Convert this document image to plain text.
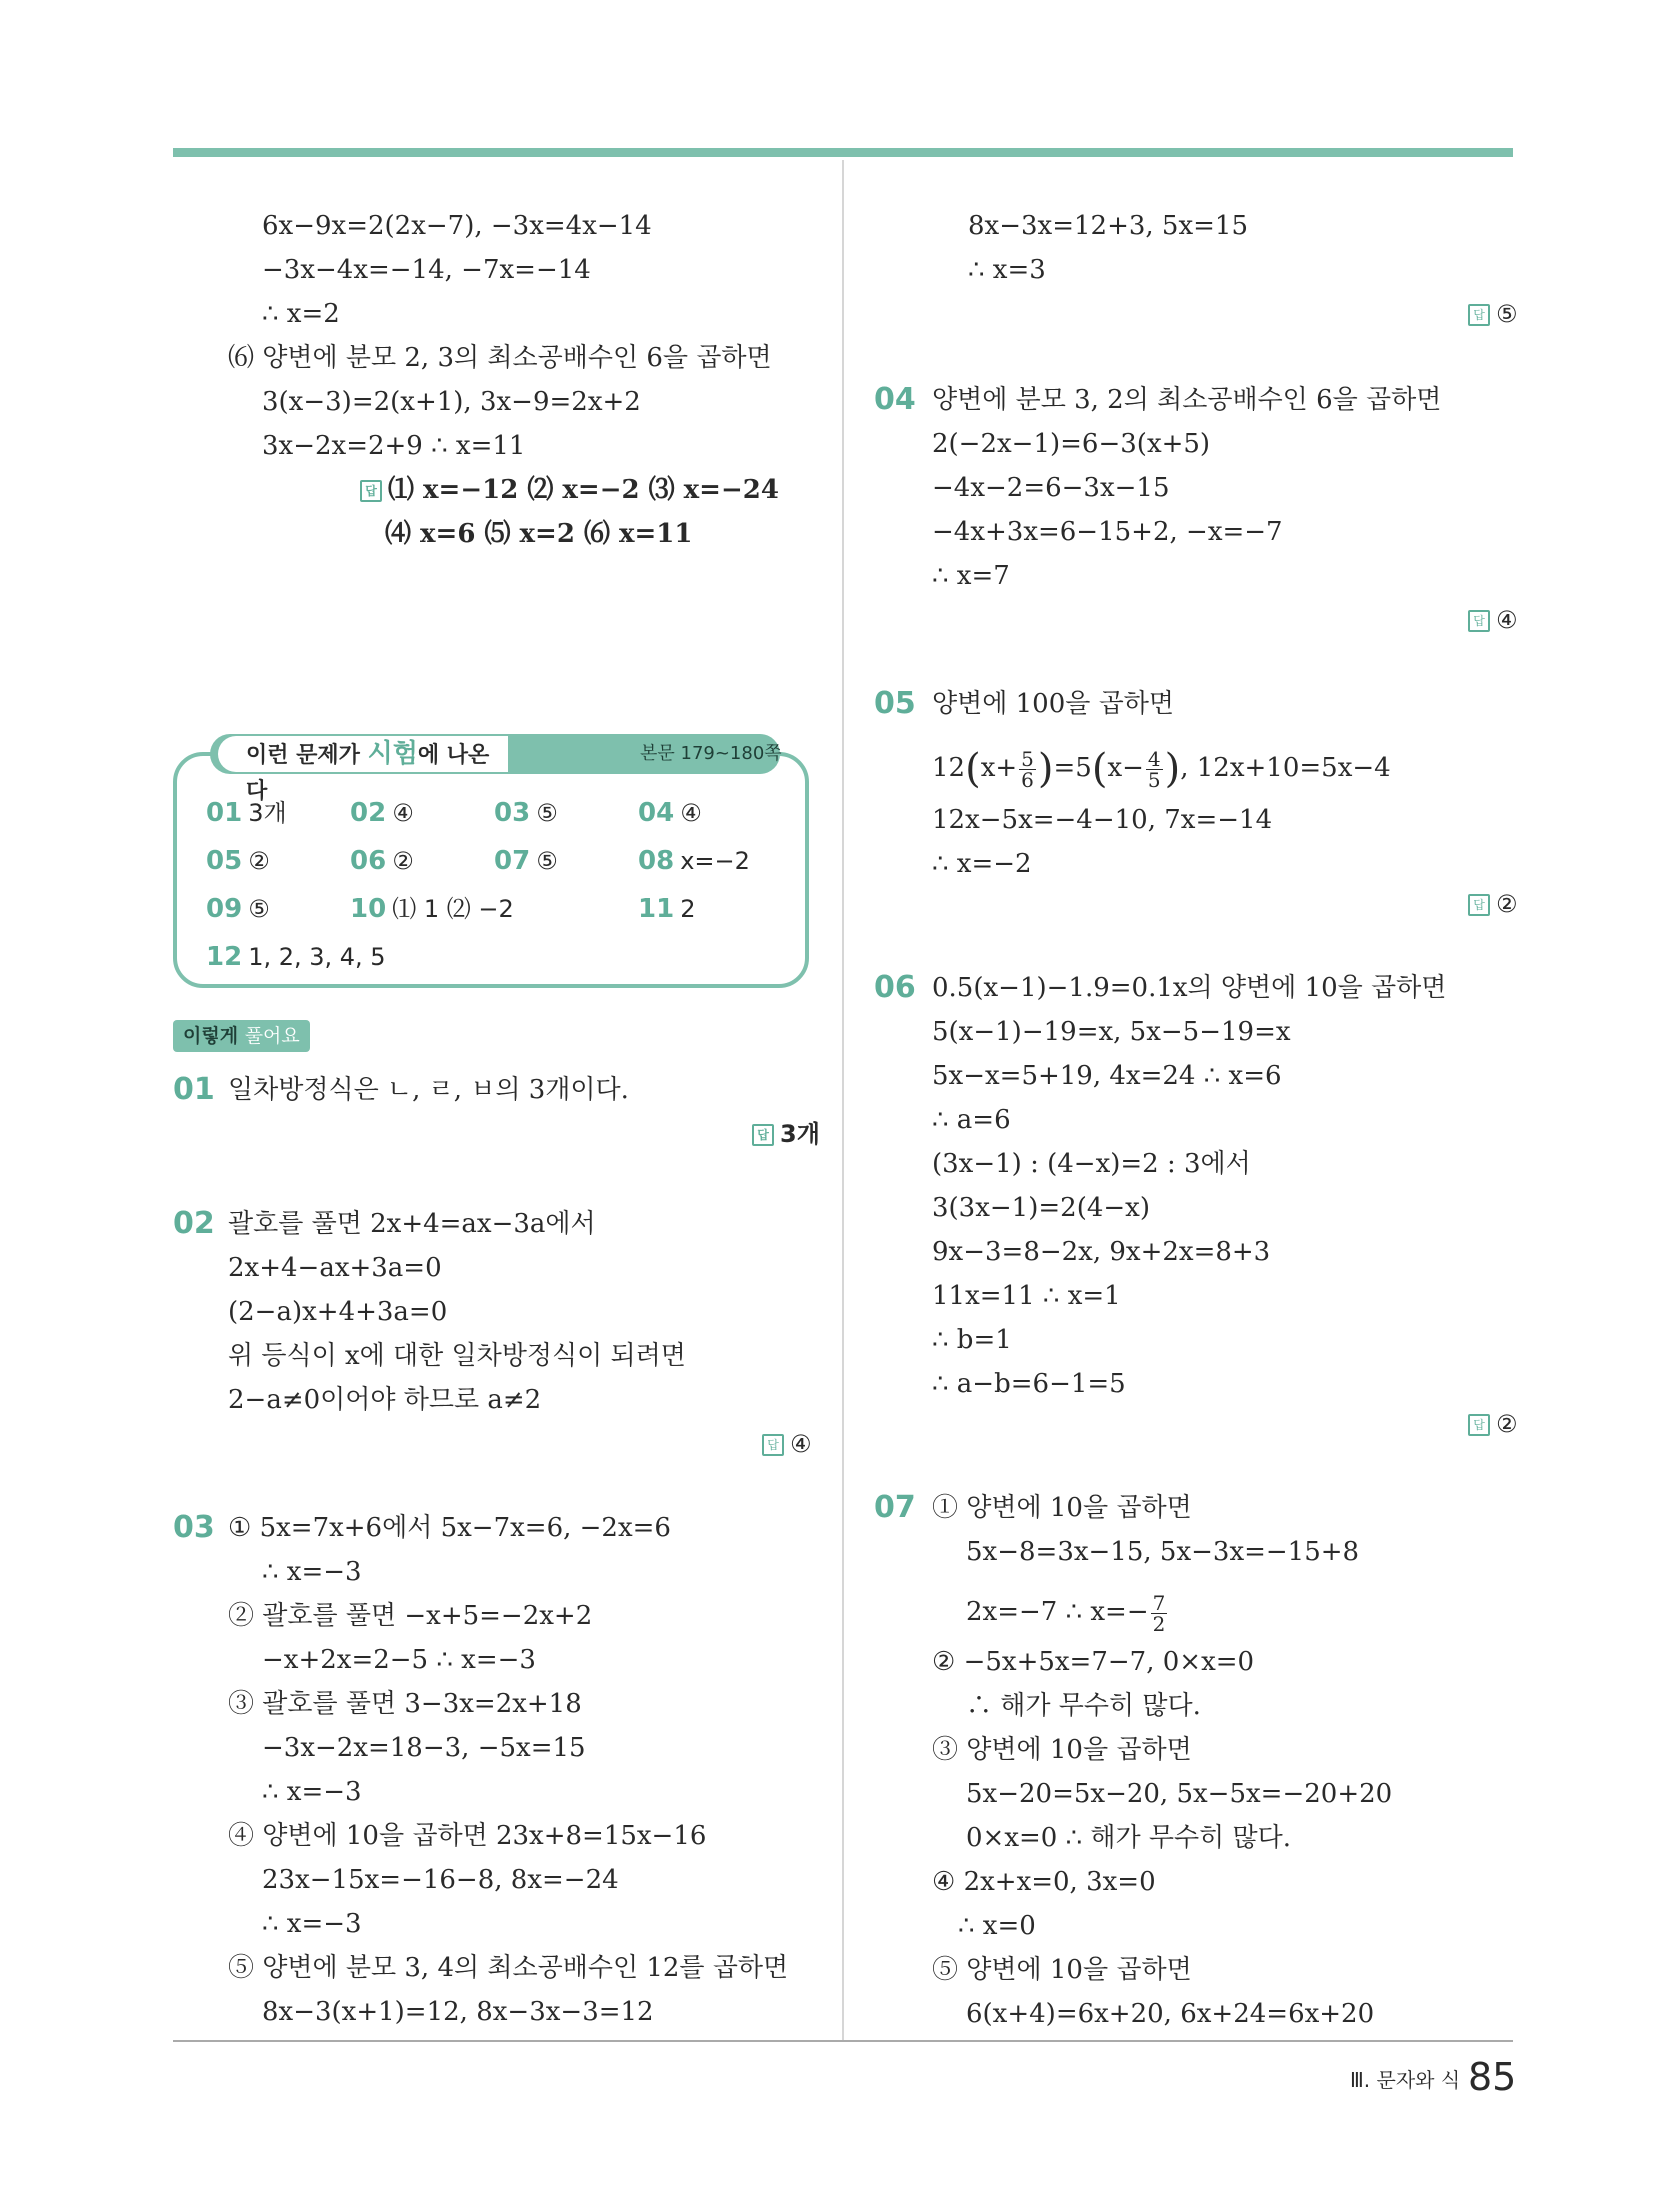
6x−9x=2(2x−7), −3x=4x−14
−3x−4x=−14, −7x=−14
∴ x=2
⑹ 양변에 분모 2, 3의 최소공배수인 6을 곱하면
3(x−3)=2(x+1), 3x−9=2x+2
3x−2x=2+9 ∴ x=11
답 ⑴ x=−12 ⑵ x=−2 ⑶ x=−24
⑷ x=6 ⑸ x=2 ⑹ x=11
이런 문제가 시험에 나온다
본문 179~180쪽
01 3개 02 ④	03 ⑤	04 ④
05 ②	06 ②	07 ⑤	08 x=−2
09 ⑤	10 ⑴ 1 ⑵ −2	11 2
12 1, 2, 3, 4, 5
이렇게 풀어요
01 일차방정식은 ㄴ, ㄹ, ㅂ의 3개이다.
답 3개
02 괄호를 풀면 2x+4=ax−3a에서
2x+4−ax+3a=0
(2−a)x+4+3a=0
위 등식이 x에 대한 일차방정식이 되려면
2−a≠0이어야 하므로 a≠2
답 ④
03 ① 5x=7x+6에서 5x−7x=6, −2x=6
∴ x=−3
② 괄호를 풀면 −x+5=−2x+2
−x+2x=2−5 ∴ x=−3
③ 괄호를 풀면 3−3x=2x+18
−3x−2x=18−3, −5x=15
∴ x=−3
④ 양변에 10을 곱하면 23x+8=15x−16
23x−15x=−16−8, 8x=−24
∴ x=−3
⑤ 양변에 분모 3, 4의 최소공배수인 12를 곱하면
8x−3(x+1)=12, 8x−3x−3=12
8x−3x=12+3, 5x=15
∴ x=3
답 ⑤
04 양변에 분모 3, 2의 최소공배수인 6을 곱하면
2(−2x−1)=6−3(x+5)
−4x−2=6−3x−15
−4x+3x=6−15+2, −x=−7
∴ x=7
답 ④
05 양변에 100을 곱하면
$12(x+ \frac{5}{6} )=5(x- \frac{4}{5}$ ), 12x+10=5x−4
12x−5x=−4−10, 7x=−14
∴ x=−2
답 ②
06 0.5(x−1)−1.9=0.1x의 양변에 10을 곱하면
5(x−1)−19=x, 5x−5−19=x
5x−x=5+19, 4x=24 ∴ x=6
∴ a=6
(3x−1) : (4−x)=2 : 3에서
3(3x−1)=2(4−x)
9x−3=8−2x, 9x+2x=8+3
11x=11 ∴ x=1
∴ b=1
∴ a−b=6−1=5
답 ②
07 ① 양변에 10을 곱하면
5x−8=3x−15, 5x−3x=−15+8
2x=−7 ∴ $x=- \frac{7}{2}$
② −5x+5x=7−7, 0×x=0
∴ 해가 무수히 많다.
③ 양변에 10을 곱하면
5x−20=5x−20, 5x−5x=−20+20
0×x=0 ∴ 해가 무수히 많다.
④ 2x+x=0, 3x=0
∴ x=0
⑤ 양변에 10을 곱하면
6(x+4)=6x+20, 6x+24=6x+20
Ⅲ. 문자와 식 85
